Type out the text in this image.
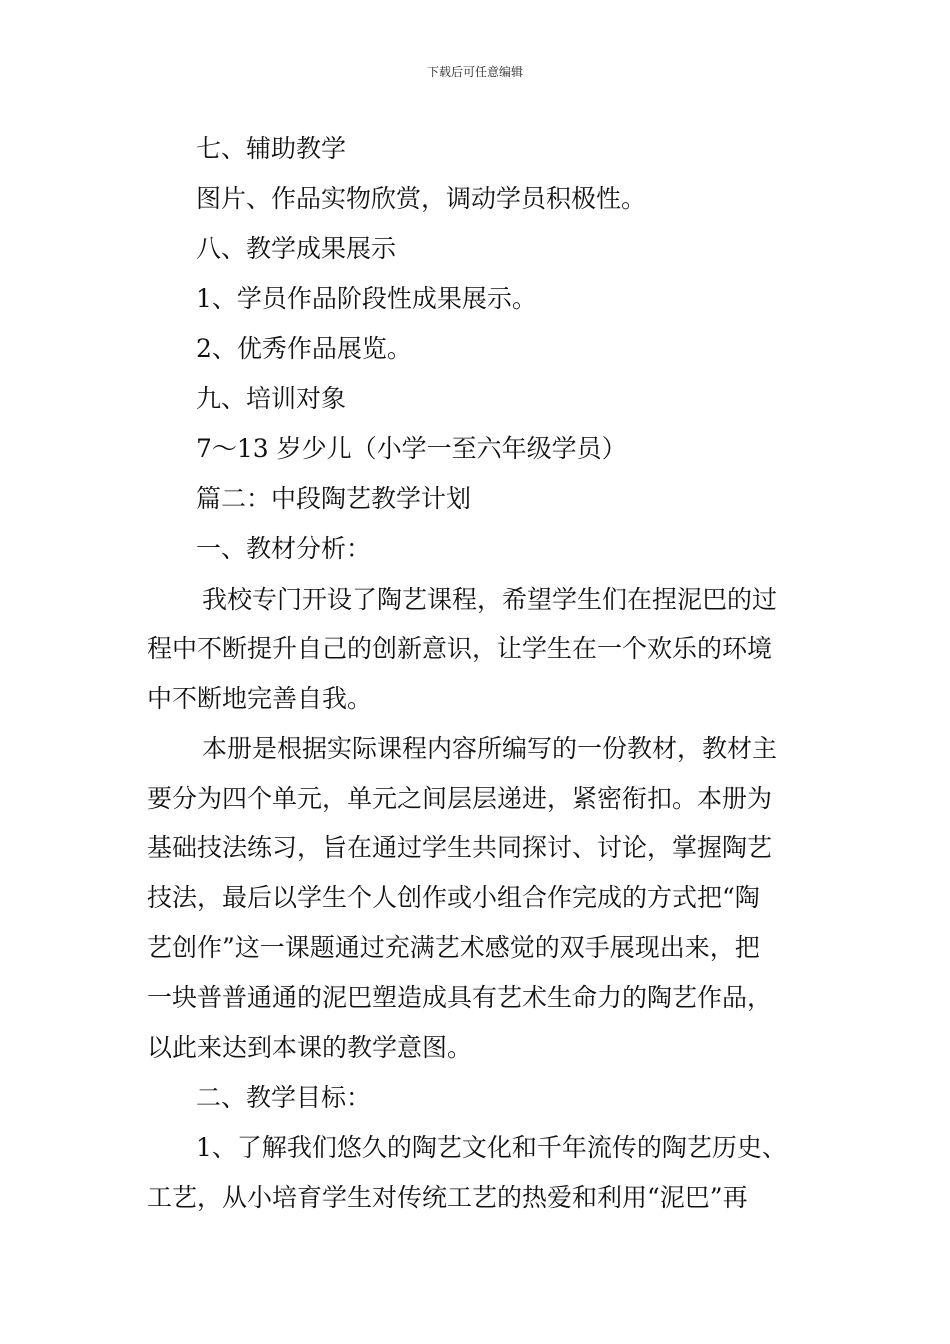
下载后可任意编辑
七、辅助教学
图片、作品实物欣赏，调动学员积极性。
八、教学成果展示
1、学员作品阶段性成果展示。
2、优秀作品展览。
九、培训对象
7～13 岁少儿（小学一至六年级学员）
篇二：中段陶艺教学计划
一、教材分析：
我校专门开设了陶艺课程，希望学生们在捏泥巴的过
程中不断提升自己的创新意识，让学生在一个欢乐的环境
中不断地完善自我。
本册是根据实际课程内容所编写的一份教材，教材主
要分为四个单元，单元之间层层递进，紧密衔扣。本册为
基础技法练习，旨在通过学生共同探讨、讨论，掌握陶艺
技法，最后以学生个人创作或小组合作完成的方式把“陶
艺创作”这一课题通过充满艺术感觉的双手展现出来，把
一块普普通通的泥巴塑造成具有艺术生命力的陶艺作品，
以此来达到本课的教学意图。
二、教学目标：
1、了解我们悠久的陶艺文化和千年流传的陶艺历史、
工艺，从小培育学生对传统工艺的热爱和利用“泥巴”再
